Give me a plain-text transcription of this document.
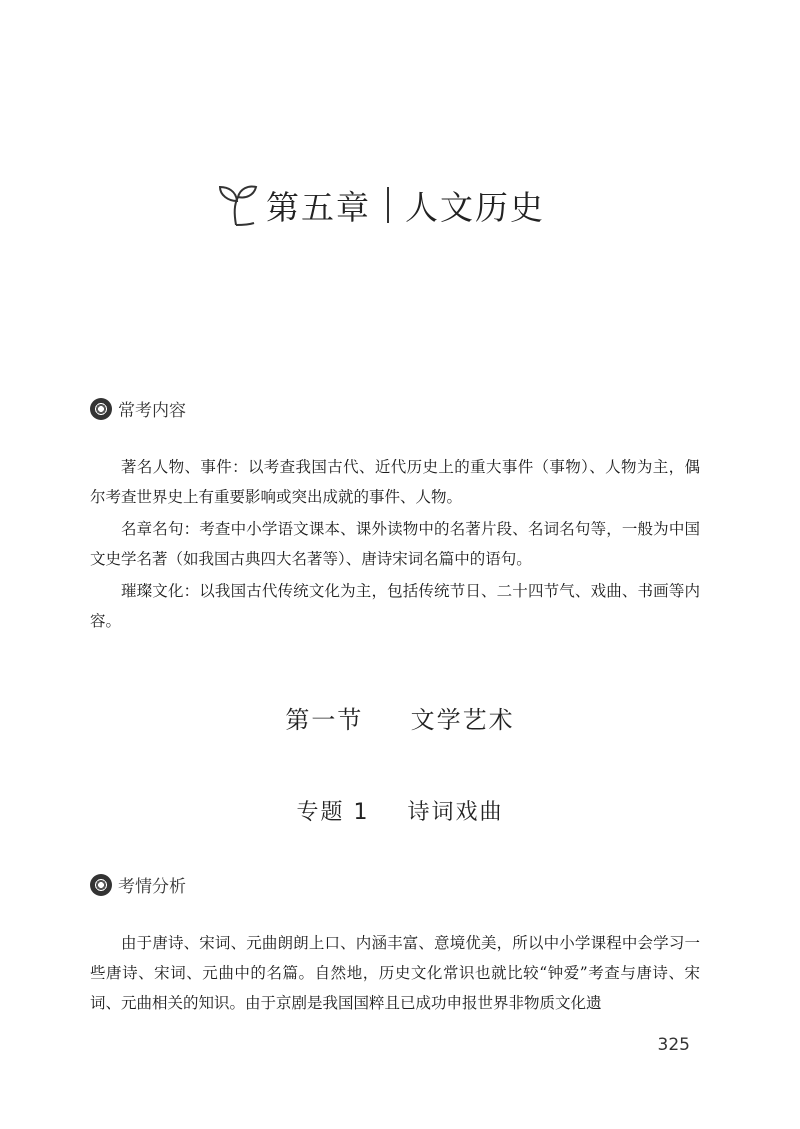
第五章 人文历史
常考内容

著名人物、事件：以考查我国古代、近代历史上的重大事件（事物）、人物为主，偶尔考查世界史上有重要影响或突出成就的事件、人物。

名章名句：考查中小学语文课本、课外读物中的名著片段、名词名句等，一般为中国文史学名著（如我国古典四大名著等）、唐诗宋词名篇中的语句。

璀璨文化：以我国古代传统文化为主，包括传统节日、二十四节气、戏曲、书画等内容。

第一节 文学艺术
专题 1 诗词戏曲
考情分析

由于唐诗、宋词、元曲朗朗上口、内涵丰富、意境优美，所以中小学课程中会学习一些唐诗、宋词、元曲中的名篇。自然地，历史文化常识也就比较“钟爱”考查与唐诗、宋词、元曲相关的知识。由于京剧是我国国粹且已成功申报世界非物质文化遗

325
